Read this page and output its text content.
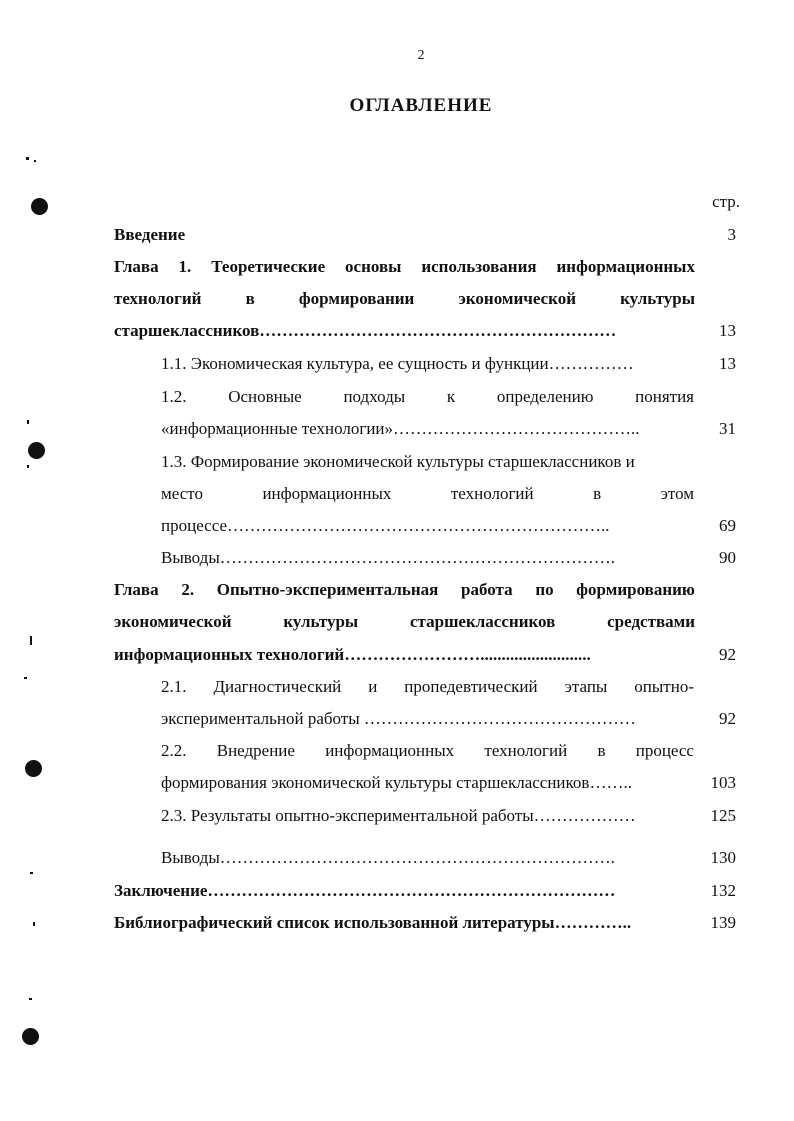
2
ОГЛАВЛЕНИЕ
стр.
Введение	3
Глава 1. Теоретические основы использования информационных
технологий	в	формировании	экономической	культуры
старшеклассников………………………………………………………	13
1.1. Экономическая культура, ее сущность и функции……………	13
1.2. Основные подходы к определению понятия
«информационные технологии»……………………………………..	31
1.3. Формирование экономической культуры старшеклассников и
место	информационных	технологий	в	этом
процессе…………………………………………………………..	69
Выводы…………………………………………………………….	90
Глава 2. Опытно-экспериментальная работа по формированию
экономической	культуры	старшеклассников	средствами
информационных технологий……………………..........................	92
2.1. Диагностический и пропедевтический этапы опытно-
экспериментальной работы …………………………………………	92
2.2. Внедрение информационных технологий в процесс
формирования экономической культуры старшеклассников……..	103
2.3. Результаты опытно-экспериментальной работы………………	125
Выводы…………………………………………………………….	130
Заключение………………………………………………………………	132
Библиографический список использованной литературы…………..	139
